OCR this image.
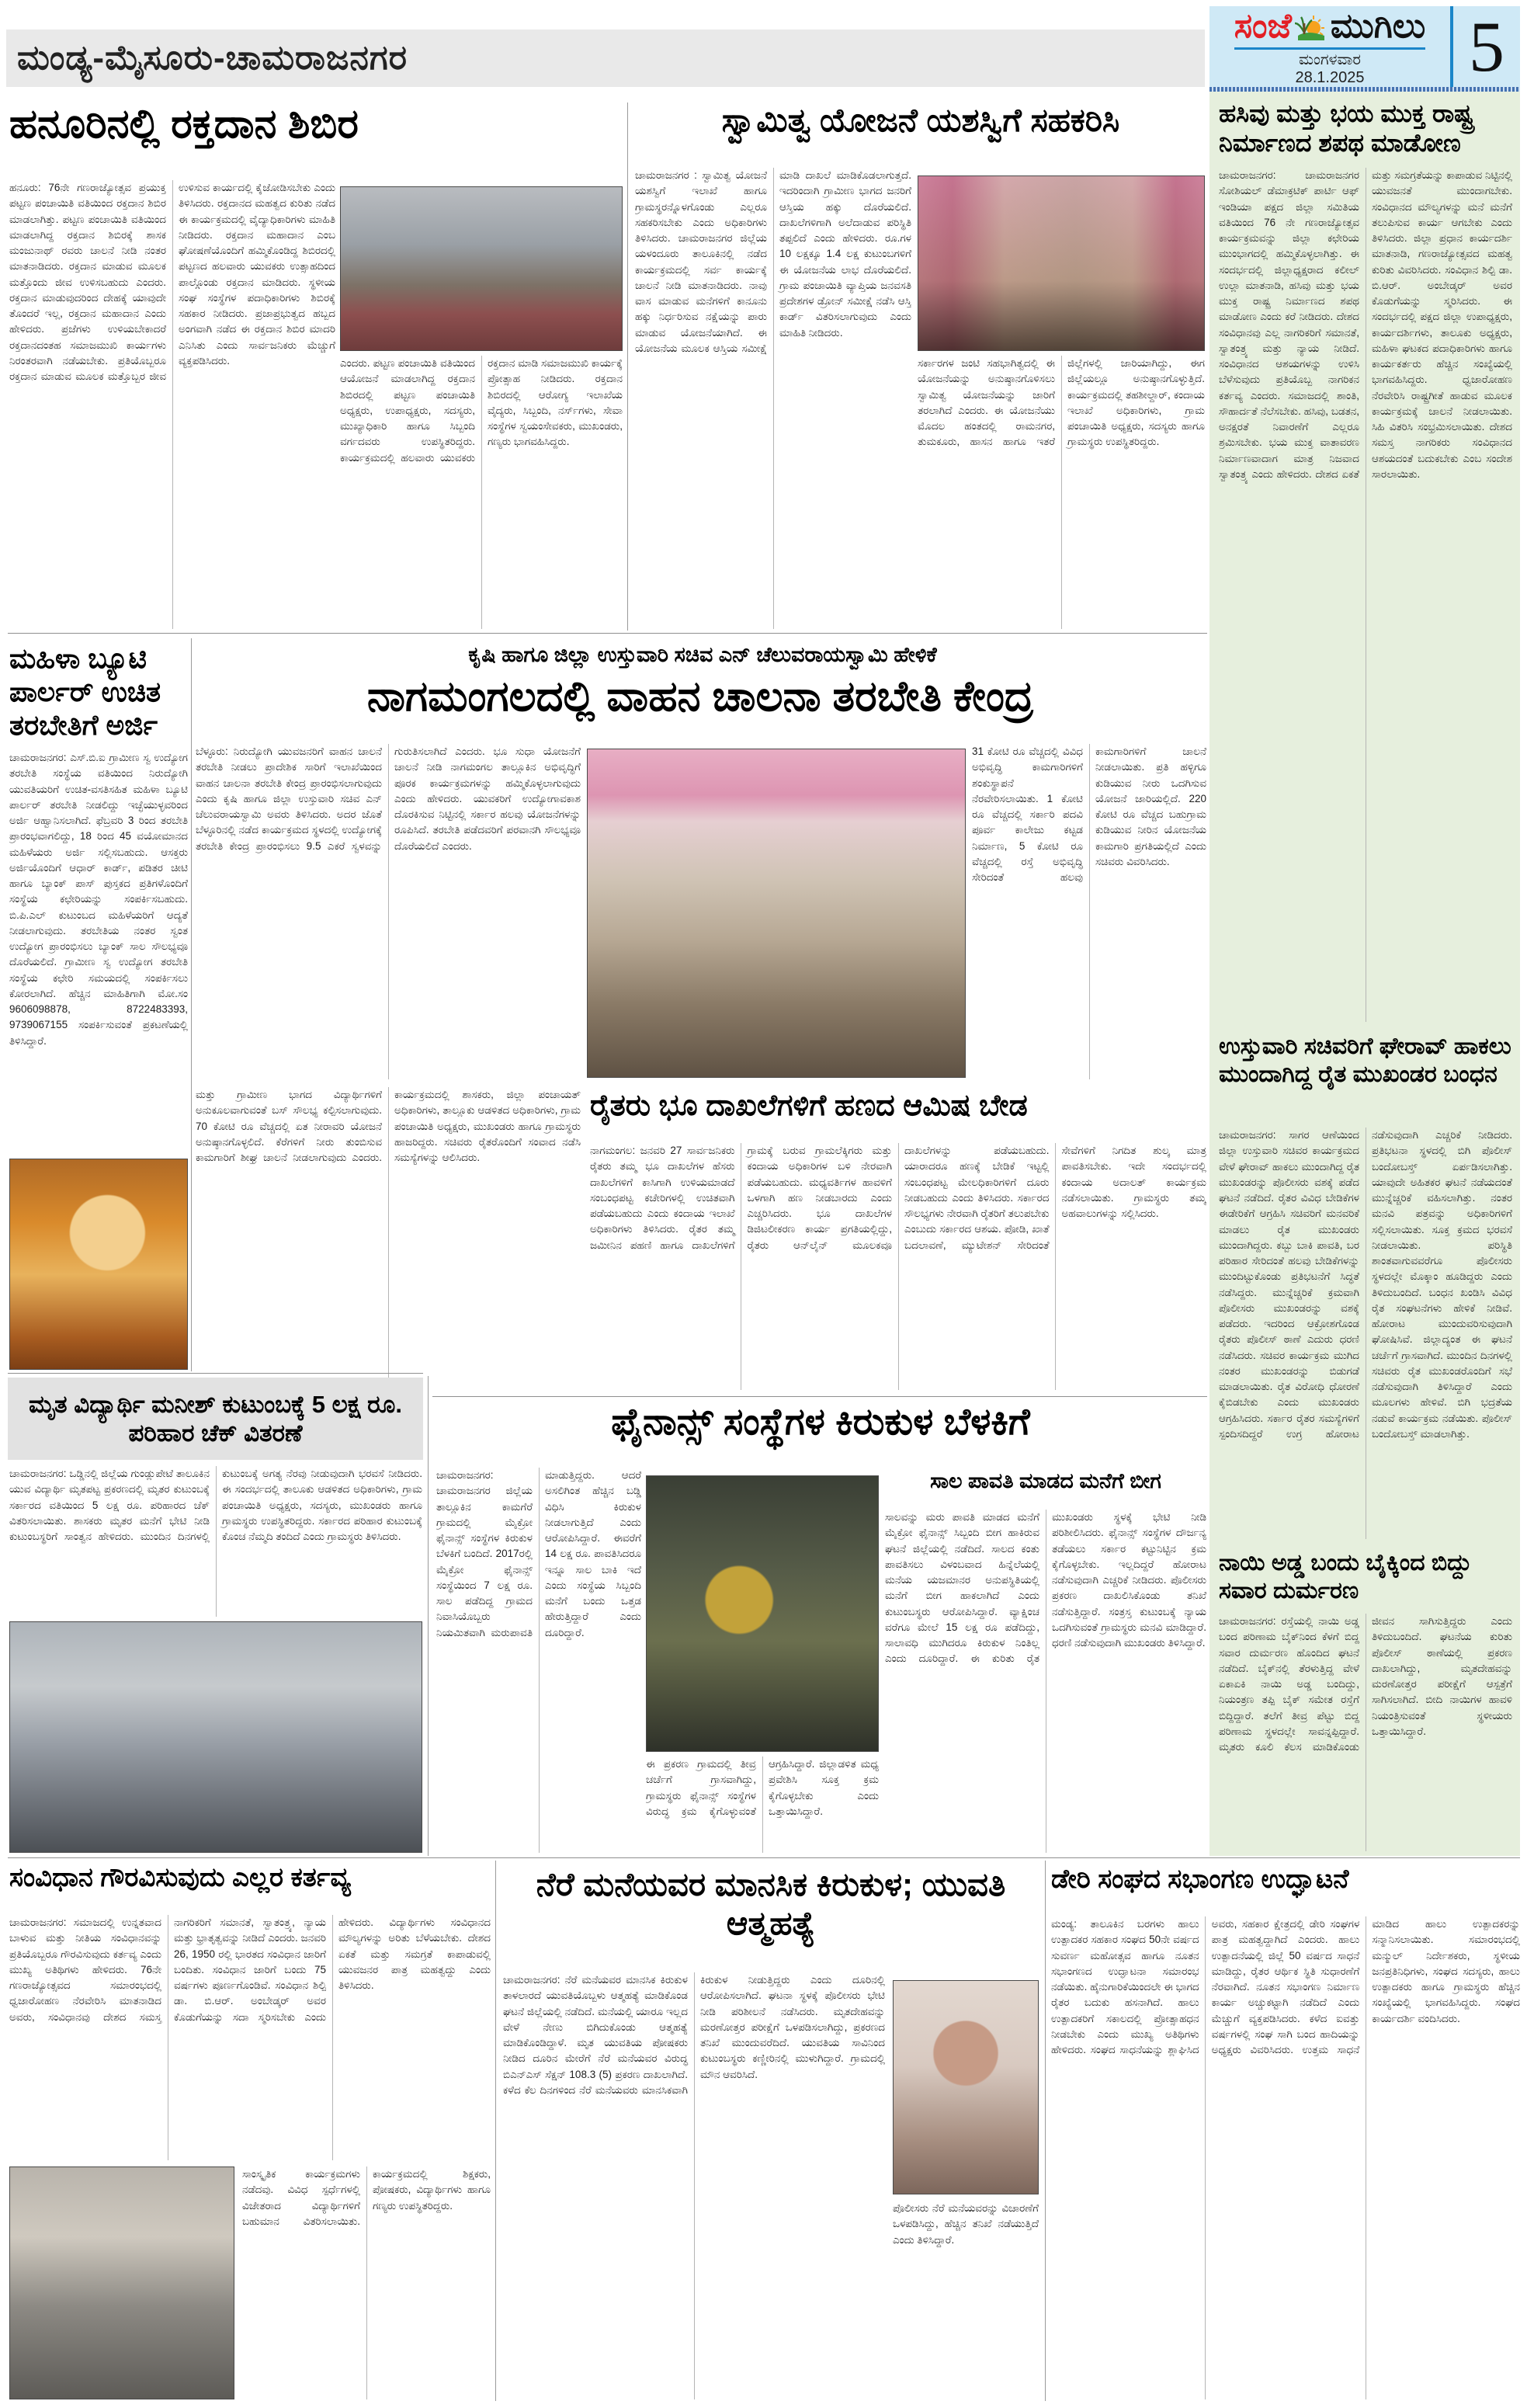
ಮಂಡ್ಯ-ಮೈಸೂರು-ಚಾಮರಾಜನಗರ
ಸಂಜೆ ಮುಗಿಲು
ಮಂಗಳವಾರ
28.1.2025 5
ಹನೂರಿನಲ್ಲಿ ರಕ್ತದಾನ ಶಿಬಿರ
ಹನೂರು: 76ನೇ ಗಣರಾಜ್ಯೋತ್ಸವ ಪ್ರಯುಕ್ತ ಪಟ್ಟಣ ಪಂಚಾಯಿತಿ ವತಿಯಿಂದ ರಕ್ತದಾನ ಶಿಬಿರ ಮಾಡಲಾಗಿತ್ತು. ಪಟ್ಟಣ ಪಂಚಾಯಿತಿ ವತಿಯಿಂದ ಮಾಡಲಾಗಿದ್ದ ರಕ್ತದಾನ ಶಿಬಿರಕ್ಕೆ ಶಾಸಕ ಮಂಜುನಾಥ್ ರವರು ಚಾಲನೆ ನೀಡಿ ನಂತರ ಮಾತನಾಡಿದರು. ರಕ್ತದಾನ ಮಾಡುವ ಮೂಲಕ ಮತ್ತೊಂದು ಜೀವ ಉಳಿಸಬಹುದು ಎಂದರು. ರಕ್ತದಾನ ಮಾಡುವುದರಿಂದ ದೇಹಕ್ಕೆ ಯಾವುದೇ ತೊಂದರೆ ಇಲ್ಲ, ರಕ್ತದಾನ ಮಹಾದಾನ ಎಂದು ಹೇಳಿದರು. ಪ್ರಜೆಗಳು ಉಳಿಯಬೇಕಾದರೆ ರಕ್ತದಾನದಂತಹ ಸಮಾಜಮುಖಿ ಕಾರ್ಯಗಳು ನಿರಂತರವಾಗಿ ನಡೆಯಬೇಕು. ಪ್ರತಿಯೊಬ್ಬರೂ ರಕ್ತದಾನ ಮಾಡುವ ಮೂಲಕ ಮತ್ತೊಬ್ಬರ ಜೀವ ಉಳಿಸುವ ಕಾರ್ಯದಲ್ಲಿ ಕೈಜೋಡಿಸಬೇಕು ಎಂದು ತಿಳಿಸಿದರು. ರಕ್ತದಾನದ ಮಹತ್ವದ ಕುರಿತು ನಡೆದ ಈ ಕಾರ್ಯಕ್ರಮದಲ್ಲಿ ವೈದ್ಯಾಧಿಕಾರಿಗಳು ಮಾಹಿತಿ ನೀಡಿದರು. ರಕ್ತದಾನ ಮಹಾದಾನ ಎಂಬ ಘೋಷಣೆಯೊಂದಿಗೆ ಹಮ್ಮಿಕೊಂಡಿದ್ದ ಶಿಬಿರದಲ್ಲಿ ಪಟ್ಟಣದ ಹಲವಾರು ಯುವಕರು ಉತ್ಸಾಹದಿಂದ ಪಾಲ್ಗೊಂಡು ರಕ್ತದಾನ ಮಾಡಿದರು. ಸ್ಥಳೀಯ ಸಂಘ ಸಂಸ್ಥೆಗಳ ಪದಾಧಿಕಾರಿಗಳು ಶಿಬಿರಕ್ಕೆ ಸಹಕಾರ ನೀಡಿದರು. ಪ್ರಜಾಪ್ರಭುತ್ವದ ಹಬ್ಬದ ಅಂಗವಾಗಿ ನಡೆದ ಈ ರಕ್ತದಾನ ಶಿಬಿರ ಮಾದರಿ ಎನಿಸಿತು ಎಂದು ಸಾರ್ವಜನಿಕರು ಮೆಚ್ಚುಗೆ ವ್ಯಕ್ತಪಡಿಸಿದರು.	ಎಂದರು. ಪಟ್ಟಣ ಪಂಚಾಯಿತಿ ವತಿಯಿಂದ ಆಯೋಜನೆ ಮಾಡಲಾಗಿದ್ದ ರಕ್ತದಾನ ಶಿಬಿರದಲ್ಲಿ ಪಟ್ಟಣ ಪಂಚಾಯಿತಿ ಅಧ್ಯಕ್ಷರು, ಉಪಾಧ್ಯಕ್ಷರು, ಸದಸ್ಯರು, ಮುಖ್ಯಾಧಿಕಾರಿ ಹಾಗೂ ಸಿಬ್ಬಂದಿ ವರ್ಗದವರು ಉಪಸ್ಥಿತರಿದ್ದರು. ಕಾರ್ಯಕ್ರಮದಲ್ಲಿ ಹಲವಾರು ಯುವಕರು ರಕ್ತದಾನ ಮಾಡಿ ಸಮಾಜಮುಖಿ ಕಾರ್ಯಕ್ಕೆ ಪ್ರೋತ್ಸಾಹ ನೀಡಿದರು. ರಕ್ತದಾನ ಶಿಬಿರದಲ್ಲಿ ಆರೋಗ್ಯ ಇಲಾಖೆಯ ವೈದ್ಯರು, ಸಿಬ್ಬಂದಿ, ನರ್ಸ್‌ಗಳು, ಸೇವಾ ಸಂಸ್ಥೆಗಳ ಸ್ವಯಂಸೇವಕರು, ಮುಖಂಡರು, ಗಣ್ಯರು ಭಾಗವಹಿಸಿದ್ದರು.
ಸ್ವಾಮಿತ್ವ ಯೋಜನೆ ಯಶಸ್ವಿಗೆ ಸಹಕರಿಸಿ
ಚಾಮರಾಜನಗರ : ಸ್ವಾಮಿತ್ವ ಯೋಜನೆ ಯಶಸ್ವಿಗೆ ಇಲಾಖೆ ಹಾಗೂ ಗ್ರಾಮಸ್ಥರನ್ನೊಳಗೊಂಡು ಎಲ್ಲರೂ ಸಹಕರಿಸಬೇಕು ಎಂದು ಅಧಿಕಾರಿಗಳು ತಿಳಿಸಿದರು. ಚಾಮರಾಜನಗರ ಜಿಲ್ಲೆಯ ಯಳಂದೂರು ತಾಲೂಕಿನಲ್ಲಿ ನಡೆದ ಕಾರ್ಯಕ್ರಮದಲ್ಲಿ ಸರ್ವ ಕಾರ್ಯಕ್ಕೆ ಚಾಲನೆ ನೀಡಿ ಮಾತನಾಡಿದರು. ನಾವು ವಾಸ ಮಾಡುವ ಮನೆಗಳಿಗೆ ಕಾನೂನು ಹಕ್ಕು ನಿರ್ಧರಿಸುವ ನಕ್ಷೆಯನ್ನು ಪಾರು ಮಾಡುವ ಯೋಜನೆಯಾಗಿದೆ. ಈ ಯೋಜನೆಯ ಮೂಲಕ ಆಸ್ತಿಯ ಸಮೀಕ್ಷೆ ಮಾಡಿ ದಾಖಲೆ ಮಾಡಿಕೊಡಲಾಗುತ್ತದೆ. ಇದರಿಂದಾಗಿ ಗ್ರಾಮೀಣ ಭಾಗದ ಜನರಿಗೆ ಆಸ್ತಿಯ ಹಕ್ಕು ದೊರೆಯಲಿದೆ. ದಾಖಲೆಗಳಿಗಾಗಿ ಅಲೆದಾಡುವ ಪರಿಸ್ಥಿತಿ ತಪ್ಪಲಿದೆ ಎಂದು ಹೇಳಿದರು. ರೂ.ಗಳ 10 ಲಕ್ಷಕ್ಕೂ 1.4 ಲಕ್ಷ ಕುಟುಂಬಗಳಿಗೆ ಈ ಯೋಜನೆಯ ಲಾಭ ದೊರೆಯಲಿದೆ. ಗ್ರಾಮ ಪಂಚಾಯಿತಿ ವ್ಯಾಪ್ತಿಯ ಜನವಸತಿ ಪ್ರದೇಶಗಳ ಡ್ರೋನ್ ಸಮೀಕ್ಷೆ ನಡೆಸಿ ಆಸ್ತಿ ಕಾರ್ಡ್ ವಿತರಿಸಲಾಗುವುದು ಎಂದು ಮಾಹಿತಿ ನೀಡಿದರು.
ಸರ್ಕಾರಗಳ ಜಂಟಿ ಸಹಭಾಗಿತ್ವದಲ್ಲಿ ಈ ಯೋಜನೆಯನ್ನು ಅನುಷ್ಠಾನಗೊಳಿಸಲು ಸ್ವಾಮಿತ್ವ ಯೋಜನೆಯನ್ನು ಜಾರಿಗೆ ತರಲಾಗಿದೆ ಎಂದರು. ಈ ಯೋಜನೆಯು ಮೊದಲ ಹಂತದಲ್ಲಿ ರಾಮನಗರ, ತುಮಕೂರು, ಹಾಸನ ಹಾಗೂ ಇತರೆ ಜಿಲ್ಲೆಗಳಲ್ಲಿ ಜಾರಿಯಾಗಿದ್ದು, ಈಗ ಜಿಲ್ಲೆಯಲ್ಲೂ ಅನುಷ್ಠಾನಗೊಳ್ಳುತ್ತಿದೆ. ಕಾರ್ಯಕ್ರಮದಲ್ಲಿ ತಹಶೀಲ್ದಾರ್, ಕಂದಾಯ ಇಲಾಖೆ ಅಧಿಕಾರಿಗಳು, ಗ್ರಾಮ ಪಂಚಾಯಿತಿ ಅಧ್ಯಕ್ಷರು, ಸದಸ್ಯರು ಹಾಗೂ ಗ್ರಾಮಸ್ಥರು ಉಪಸ್ಥಿತರಿದ್ದರು.
ಹಸಿವು ಮತ್ತು ಭಯ ಮುಕ್ತ ರಾಷ್ಟ್ರ ನಿರ್ಮಾಣದ ಶಪಥ ಮಾಡೋಣ
ಚಾಮರಾಜನಗರ: ಚಾಮರಾಜನಗರ ಸೋಶಿಯಲ್ ಡೆಮಾಕ್ರಟಿಕ್ ಪಾರ್ಟಿ ಆಫ್ ಇಂಡಿಯಾ ಪಕ್ಷದ ಜಿಲ್ಲಾ ಸಮಿತಿಯ ವತಿಯಿಂದ 76 ನೇ ಗಣರಾಜ್ಯೋತ್ಸವ ಕಾರ್ಯಕ್ರಮವನ್ನು ಜಿಲ್ಲಾ ಕಛೇರಿಯ ಮುಂಭಾಗದಲ್ಲಿ ಹಮ್ಮಿಕೊಳ್ಳಲಾಗಿತ್ತು. ಈ ಸಂದರ್ಭದಲ್ಲಿ ಜಿಲ್ಲಾಧ್ಯಕ್ಷರಾದ ಕಲೀಲ್ ಉಲ್ಲಾ ಮಾತನಾಡಿ, ಹಸಿವು ಮತ್ತು ಭಯ ಮುಕ್ತ ರಾಷ್ಟ್ರ ನಿರ್ಮಾಣದ ಶಪಥ ಮಾಡೋಣ ಎಂದು ಕರೆ ನೀಡಿದರು. ದೇಶದ ಸಂವಿಧಾನವು ಎಲ್ಲ ನಾಗರಿಕರಿಗೆ ಸಮಾನತೆ, ಸ್ವಾತಂತ್ರ್ಯ ಮತ್ತು ನ್ಯಾಯ ನೀಡಿದೆ. ಸಂವಿಧಾನದ ಆಶಯಗಳನ್ನು ಉಳಿಸಿ ಬೆಳೆಸುವುದು ಪ್ರತಿಯೊಬ್ಬ ನಾಗರಿಕನ ಕರ್ತವ್ಯ ಎಂದರು. ಸಮಾಜದಲ್ಲಿ ಶಾಂತಿ, ಸೌಹಾರ್ದತೆ ನೆಲೆಸಬೇಕು. ಹಸಿವು, ಬಡತನ, ಅನಕ್ಷರತೆ ನಿವಾರಣೆಗೆ ಎಲ್ಲರೂ ಶ್ರಮಿಸಬೇಕು. ಭಯ ಮುಕ್ತ ವಾತಾವರಣ ನಿರ್ಮಾಣವಾದಾಗ ಮಾತ್ರ ನಿಜವಾದ ಸ್ವಾತಂತ್ರ್ಯ ಎಂದು ಹೇಳಿದರು. ದೇಶದ ಏಕತೆ ಮತ್ತು ಸಮಗ್ರತೆಯನ್ನು ಕಾಪಾಡುವ ನಿಟ್ಟಿನಲ್ಲಿ ಯುವಜನತೆ ಮುಂದಾಗಬೇಕು. ಸಂವಿಧಾನದ ಮೌಲ್ಯಗಳನ್ನು ಮನೆ ಮನೆಗೆ ತಲುಪಿಸುವ ಕಾರ್ಯ ಆಗಬೇಕು ಎಂದು ತಿಳಿಸಿದರು. ಜಿಲ್ಲಾ ಪ್ರಧಾನ ಕಾರ್ಯದರ್ಶಿ ಮಾತನಾಡಿ, ಗಣರಾಜ್ಯೋತ್ಸವದ ಮಹತ್ವ ಕುರಿತು ವಿವರಿಸಿದರು. ಸಂವಿಧಾನ ಶಿಲ್ಪಿ ಡಾ. ಬಿ.ಆರ್. ಅಂಬೇಡ್ಕರ್ ಅವರ ಕೊಡುಗೆಯನ್ನು ಸ್ಮರಿಸಿದರು. ಈ ಸಂದರ್ಭದಲ್ಲಿ ಪಕ್ಷದ ಜಿಲ್ಲಾ ಉಪಾಧ್ಯಕ್ಷರು, ಕಾರ್ಯದರ್ಶಿಗಳು, ತಾಲೂಕು ಅಧ್ಯಕ್ಷರು, ಮಹಿಳಾ ಘಟಕದ ಪದಾಧಿಕಾರಿಗಳು ಹಾಗೂ ಕಾರ್ಯಕರ್ತರು ಹೆಚ್ಚಿನ ಸಂಖ್ಯೆಯಲ್ಲಿ ಭಾಗವಹಿಸಿದ್ದರು. ಧ್ವಜಾರೋಹಣ ನೆರವೇರಿಸಿ ರಾಷ್ಟ್ರಗೀತೆ ಹಾಡುವ ಮೂಲಕ ಕಾರ್ಯಕ್ರಮಕ್ಕೆ ಚಾಲನೆ ನೀಡಲಾಯಿತು. ಸಿಹಿ ವಿತರಿಸಿ ಸಂಭ್ರಮಿಸಲಾಯಿತು. ದೇಶದ ಸಮಸ್ತ ನಾಗರಿಕರು ಸಂವಿಧಾನದ ಆಶಯದಂತೆ ಬದುಕಬೇಕು ಎಂಬ ಸಂದೇಶ ಸಾರಲಾಯಿತು.
ಉಸ್ತುವಾರಿ ಸಚಿವರಿಗೆ ಘೇರಾವ್ ಹಾಕಲು ಮುಂದಾಗಿದ್ದ ರೈತ ಮುಖಂಡರ ಬಂಧನ
ಚಾಮರಾಜನಗರ: ಸಾಗರ ಆಣೆಯಿಂದ ಜಿಲ್ಲಾ ಉಸ್ತುವಾರಿ ಸಚಿವರ ಕಾರ್ಯಕ್ರಮದ ವೇಳೆ ಘೇರಾವ್ ಹಾಕಲು ಮುಂದಾಗಿದ್ದ ರೈತ ಮುಖಂಡರನ್ನು ಪೊಲೀಸರು ವಶಕ್ಕೆ ಪಡೆದ ಘಟನೆ ನಡೆದಿದೆ. ರೈತರ ವಿವಿಧ ಬೇಡಿಕೆಗಳ ಈಡೇರಿಕೆಗೆ ಆಗ್ರಹಿಸಿ ಸಚಿವರಿಗೆ ಮನವರಿಕೆ ಮಾಡಲು ರೈತ ಮುಖಂಡರು ಮುಂದಾಗಿದ್ದರು. ಕಬ್ಬು ಬಾಕಿ ಪಾವತಿ, ಬರ ಪರಿಹಾರ ಸೇರಿದಂತೆ ಹಲವು ಬೇಡಿಕೆಗಳನ್ನು ಮುಂದಿಟ್ಟುಕೊಂಡು ಪ್ರತಿಭಟನೆಗೆ ಸಿದ್ಧತೆ ನಡೆಸಿದ್ದರು. ಮುನ್ನೆಚ್ಚರಿಕೆ ಕ್ರಮವಾಗಿ ಪೊಲೀಸರು ಮುಖಂಡರನ್ನು ವಶಕ್ಕೆ ಪಡೆದರು. ಇದರಿಂದ ಆಕ್ರೋಶಗೊಂಡ ರೈತರು ಪೊಲೀಸ್ ಠಾಣೆ ಎದುರು ಧರಣಿ ನಡೆಸಿದರು. ಸಚಿವರ ಕಾರ್ಯಕ್ರಮ ಮುಗಿದ ನಂತರ ಮುಖಂಡರನ್ನು ಬಿಡುಗಡೆ ಮಾಡಲಾಯಿತು. ರೈತ ವಿರೋಧಿ ಧೋರಣೆ ಕೈಬಿಡಬೇಕು ಎಂದು ಮುಖಂಡರು ಆಗ್ರಹಿಸಿದರು. ಸರ್ಕಾರ ರೈತರ ಸಮಸ್ಯೆಗಳಿಗೆ ಸ್ಪಂದಿಸದಿದ್ದರೆ ಉಗ್ರ ಹೋರಾಟ ನಡೆಸುವುದಾಗಿ ಎಚ್ಚರಿಕೆ ನೀಡಿದರು. ಪ್ರತಿಭಟನಾ ಸ್ಥಳದಲ್ಲಿ ಬಿಗಿ ಪೊಲೀಸ್ ಬಂದೋಬಸ್ತ್ ಏರ್ಪಡಿಸಲಾಗಿತ್ತು. ಯಾವುದೇ ಅಹಿತಕರ ಘಟನೆ ನಡೆಯದಂತೆ ಮುನ್ನೆಚ್ಚರಿಕೆ ವಹಿಸಲಾಗಿತ್ತು. ನಂತರ ಮನವಿ ಪತ್ರವನ್ನು ಅಧಿಕಾರಿಗಳಿಗೆ ಸಲ್ಲಿಸಲಾಯಿತು. ಸೂಕ್ತ ಕ್ರಮದ ಭರವಸೆ ನೀಡಲಾಯಿತು. ಪರಿಸ್ಥಿತಿ ಶಾಂತವಾಗುವವರೆಗೂ ಪೊಲೀಸರು ಸ್ಥಳದಲ್ಲೇ ಮೊಕ್ಕಾಂ ಹೂಡಿದ್ದರು ಎಂದು ತಿಳಿದುಬಂದಿದೆ. ಬಂಧನ ಖಂಡಿಸಿ ವಿವಿಧ ರೈತ ಸಂಘಟನೆಗಳು ಹೇಳಿಕೆ ನೀಡಿವೆ. ಹೋರಾಟ ಮುಂದುವರಿಸುವುದಾಗಿ ಘೋಷಿಸಿವೆ. ಜಿಲ್ಲಾದ್ಯಂತ ಈ ಘಟನೆ ಚರ್ಚೆಗೆ ಗ್ರಾಸವಾಗಿದೆ. ಮುಂದಿನ ದಿನಗಳಲ್ಲಿ ಸಚಿವರು ರೈತ ಮುಖಂಡರೊಂದಿಗೆ ಸಭೆ ನಡೆಸುವುದಾಗಿ ತಿಳಿಸಿದ್ದಾರೆ ಎಂದು ಮೂಲಗಳು ಹೇಳಿವೆ. ಬಿಗಿ ಭದ್ರತೆಯ ನಡುವೆ ಕಾರ್ಯಕ್ರಮ ನಡೆಯಿತು. ಪೊಲೀಸ್ ಬಂದೋಬಸ್ತ್ ಮಾಡಲಾಗಿತ್ತು.
ನಾಯಿ ಅಡ್ಡ ಬಂದು ಬೈಕ್ಕಿಂದ ಬಿದ್ದು ಸವಾರ ದುರ್ಮರಣ
ಚಾಮರಾಜನಗರ: ರಸ್ತೆಯಲ್ಲಿ ನಾಯಿ ಅಡ್ಡ ಬಂದ ಪರಿಣಾಮ ಬೈಕ್‌ನಿಂದ ಕೆಳಗೆ ಬಿದ್ದ ಸವಾರ ದುರ್ಮರಣ ಹೊಂದಿದ ಘಟನೆ ನಡೆದಿದೆ. ಬೈಕ್‌ನಲ್ಲಿ ತೆರಳುತ್ತಿದ್ದ ವೇಳೆ ಏಕಾಏಕಿ ನಾಯಿ ಅಡ್ಡ ಬಂದಿದ್ದು, ನಿಯಂತ್ರಣ ತಪ್ಪಿ ಬೈಕ್ ಸಮೇತ ರಸ್ತೆಗೆ ಬಿದ್ದಿದ್ದಾರೆ. ತಲೆಗೆ ತೀವ್ರ ಪೆಟ್ಟು ಬಿದ್ದ ಪರಿಣಾಮ ಸ್ಥಳದಲ್ಲೇ ಸಾವನ್ನಪ್ಪಿದ್ದಾರೆ. ಮೃತರು ಕೂಲಿ ಕೆಲಸ ಮಾಡಿಕೊಂಡು ಜೀವನ ಸಾಗಿಸುತ್ತಿದ್ದರು ಎಂದು ತಿಳಿದುಬಂದಿದೆ. ಘಟನೆಯ ಕುರಿತು ಪೊಲೀಸ್ ಠಾಣೆಯಲ್ಲಿ ಪ್ರಕರಣ ದಾಖಲಾಗಿದ್ದು, ಮೃತದೇಹವನ್ನು ಮರಣೋತ್ತರ ಪರೀಕ್ಷೆಗೆ ಆಸ್ಪತ್ರೆಗೆ ಸಾಗಿಸಲಾಗಿದೆ. ಬೀದಿ ನಾಯಿಗಳ ಹಾವಳಿ ನಿಯಂತ್ರಿಸುವಂತೆ ಸ್ಥಳೀಯರು ಒತ್ತಾಯಿಸಿದ್ದಾರೆ.
ಮಹಿಳಾ ಬ್ಯೂಟಿ ಪಾರ್ಲರ್ ಉಚಿತ ತರಬೇತಿಗೆ ಅರ್ಜಿ
ಚಾಮರಾಜನಗರ: ಎಸ್.ಬಿ.ಐ ಗ್ರಾಮೀಣ ಸ್ವ ಉದ್ಯೋಗ ತರಬೇತಿ ಸಂಸ್ಥೆಯ ವತಿಯಿಂದ ನಿರುದ್ಯೋಗಿ ಯುವತಿಯರಿಗೆ ಉಚಿತ-ವಸತಿಸಹಿತ ಮಹಿಳಾ ಬ್ಯೂಟಿ ಪಾರ್ಲರ್ ತರಬೇತಿ ನೀಡಲಿದ್ದು ಇಚ್ಛೆಯುಳ್ಳವರಿಂದ ಅರ್ಜಿ ಆಹ್ವಾನಿಸಲಾಗಿದೆ. ಫೆಬ್ರವರಿ 3 ರಿಂದ ತರಬೇತಿ ಪ್ರಾರಂಭವಾಗಲಿದ್ದು, 18 ರಿಂದ 45 ವಯೋಮಾನದ ಮಹಿಳೆಯರು ಅರ್ಜಿ ಸಲ್ಲಿಸಬಹುದು. ಆಸಕ್ತರು ಅರ್ಜಿಯೊಂದಿಗೆ ಆಧಾರ್ ಕಾರ್ಡ್, ಪಡಿತರ ಚೀಟಿ ಹಾಗೂ ಬ್ಯಾಂಕ್ ಪಾಸ್ ಪುಸ್ತಕದ ಪ್ರತಿಗಳೊಂದಿಗೆ ಸಂಸ್ಥೆಯ ಕಛೇರಿಯನ್ನು ಸಂಪರ್ಕಿಸಬಹುದು. ಬಿ.ಪಿ.ಎಲ್ ಕುಟುಂಬದ ಮಹಿಳೆಯರಿಗೆ ಆದ್ಯತೆ ನೀಡಲಾಗುವುದು. ತರಬೇತಿಯ ನಂತರ ಸ್ವಂತ ಉದ್ಯೋಗ ಪ್ರಾರಂಭಿಸಲು ಬ್ಯಾಂಕ್ ಸಾಲ ಸೌಲಭ್ಯವೂ ದೊರೆಯಲಿದೆ. ಗ್ರಾಮೀಣ ಸ್ವ ಉದ್ಯೋಗ ತರಬೇತಿ ಸಂಸ್ಥೆಯ ಕಛೇರಿ ಸಮಯದಲ್ಲಿ ಸಂಪರ್ಕಿಸಲು ಕೋರಲಾಗಿದೆ. ಹೆಚ್ಚಿನ ಮಾಹಿತಿಗಾಗಿ ಮೋ.ಸಂ 9606098878, 8722483393, 9739067155 ಸಂಪರ್ಕಿಸುವಂತೆ ಪ್ರಕಟಣೆಯಲ್ಲಿ ತಿಳಿಸಿದ್ದಾರೆ.
ಕೃಷಿ ಹಾಗೂ ಜಿಲ್ಲಾ ಉಸ್ತುವಾರಿ ಸಚಿವ ಎನ್ ಚೆಲುವರಾಯಸ್ವಾಮಿ ಹೇಳಿಕೆ
ನಾಗಮಂಗಲದಲ್ಲಿ ವಾಹನ ಚಾಲನಾ ತರಬೇತಿ ಕೇಂದ್ರ
ಬೆಳ್ಳೂರು: ನಿರುದ್ಯೋಗಿ ಯುವಜನರಿಗೆ ವಾಹನ ಚಾಲನೆ ತರಬೇತಿ ನೀಡಲು ಪ್ರಾದೇಶಿಕ ಸಾರಿಗೆ ಇಲಾಖೆಯಿಂದ ವಾಹನ ಚಾಲನಾ ತರಬೇತಿ ಕೇಂದ್ರ ಪ್ರಾರಂಭಿಸಲಾಗುವುದು ಎಂದು ಕೃಷಿ ಹಾಗೂ ಜಿಲ್ಲಾ ಉಸ್ತುವಾರಿ ಸಚಿವ ಎನ್ ಚೆಲುವರಾಯಸ್ವಾಮಿ ಅವರು ತಿಳಿಸಿದರು. ಅದರ ಜೊತೆ ಬೆಳ್ಳೂರಿನಲ್ಲಿ ನಡೆದ ಕಾರ್ಯಕ್ರಮದ ಸ್ಥಳದಲ್ಲಿ ಉದ್ಯೋಗಕ್ಕೆ ತರಬೇತಿ ಕೇಂದ್ರ ಪ್ರಾರಂಭಿಸಲು 9.5 ಎಕರೆ ಸ್ವಳವನ್ನು ಗುರುತಿಸಲಾಗಿದೆ ಎಂದರು. ಭೂ ಸುಧಾ ಯೋಜನೆಗೆ ಚಾಲನೆ ನೀಡಿ ನಾಗಮಂಗಲ ತಾಲ್ಲೂಕಿನ ಅಭಿವೃದ್ಧಿಗೆ ಪೂರಕ ಕಾರ್ಯಕ್ರಮಗಳನ್ನು ಹಮ್ಮಿಕೊಳ್ಳಲಾಗುವುದು ಎಂದು ಹೇಳಿದರು. ಯುವಕರಿಗೆ ಉದ್ಯೋಗಾವಕಾಶ ದೊರಕಿಸುವ ನಿಟ್ಟಿನಲ್ಲಿ ಸರ್ಕಾರ ಹಲವು ಯೋಜನೆಗಳನ್ನು ರೂಪಿಸಿದೆ. ತರಬೇತಿ ಪಡೆದವರಿಗೆ ಪರವಾನಗಿ ಸೌಲಭ್ಯವೂ ದೊರೆಯಲಿದೆ ಎಂದರು.
31 ಕೋಟಿ ರೂ ವೆಚ್ಚದಲ್ಲಿ ವಿವಿಧ ಅಭಿವೃದ್ಧಿ ಕಾಮಗಾರಿಗಳಿಗೆ ಶಂಕುಸ್ಥಾಪನೆ ನೆರವೇರಿಸಲಾಯಿತು. 1 ಕೋಟಿ ರೂ ವೆಚ್ಚದಲ್ಲಿ ಸರ್ಕಾರಿ ಪದವಿ ಪೂರ್ವ ಕಾಲೇಜು ಕಟ್ಟಡ ನಿರ್ಮಾಣ, 5 ಕೋಟಿ ರೂ ವೆಚ್ಚದಲ್ಲಿ ರಸ್ತೆ ಅಭಿವೃದ್ಧಿ ಸೇರಿದಂತೆ ಹಲವು ಕಾಮಗಾರಿಗಳಿಗೆ ಚಾಲನೆ ನೀಡಲಾಯಿತು. ಪ್ರತಿ ಹಳ್ಳಿಗೂ ಕುಡಿಯುವ ನೀರು ಒದಗಿಸುವ ಯೋಜನೆ ಜಾರಿಯಲ್ಲಿದೆ. 220 ಕೋಟಿ ರೂ ವೆಚ್ಚದ ಬಹುಗ್ರಾಮ ಕುಡಿಯುವ ನೀರಿನ ಯೋಜನೆಯ ಕಾಮಗಾರಿ ಪ್ರಗತಿಯಲ್ಲಿದೆ ಎಂದು ಸಚಿವರು ವಿವರಿಸಿದರು.
ಮತ್ತು ಗ್ರಾಮೀಣ ಭಾಗದ ವಿದ್ಯಾರ್ಥಿಗಳಿಗೆ ಅನುಕೂಲವಾಗುವಂತೆ ಬಸ್ ಸೌಲಭ್ಯ ಕಲ್ಪಿಸಲಾಗುವುದು. 70 ಕೋಟಿ ರೂ ವೆಚ್ಚದಲ್ಲಿ ಏತ ನೀರಾವರಿ ಯೋಜನೆ ಅನುಷ್ಠಾನಗೊಳ್ಳಲಿದೆ. ಕೆರೆಗಳಿಗೆ ನೀರು ತುಂಬಿಸುವ ಕಾಮಗಾರಿಗೆ ಶೀಘ್ರ ಚಾಲನೆ ನೀಡಲಾಗುವುದು ಎಂದರು. ಕಾರ್ಯಕ್ರಮದಲ್ಲಿ ಶಾಸಕರು, ಜಿಲ್ಲಾ ಪಂಚಾಯತ್ ಅಧಿಕಾರಿಗಳು, ತಾಲ್ಲೂಕು ಆಡಳಿತದ ಅಧಿಕಾರಿಗಳು, ಗ್ರಾಮ ಪಂಚಾಯಿತಿ ಅಧ್ಯಕ್ಷರು, ಮುಖಂಡರು ಹಾಗೂ ಗ್ರಾಮಸ್ಥರು ಹಾಜರಿದ್ದರು. ಸಚಿವರು ರೈತರೊಂದಿಗೆ ಸಂವಾದ ನಡೆಸಿ ಸಮಸ್ಯೆಗಳನ್ನು ಆಲಿಸಿದರು.
ರೈತರು ಭೂ ದಾಖಲೆಗಳಿಗೆ ಹಣದ ಆಮಿಷ ಬೇಡ
ನಾಗಮಂಗಲ: ಜನವರಿ 27 ಸಾರ್ವಜನಿಕರು ರೈತರು ತಮ್ಮ ಭೂ ದಾಖಲೆಗಳ ಹೆಸರು ದಾಖಲೆಗಳಿಗೆ ಕಾಸಿಗಾಗಿ ಉಳಿಯಮಾಡದೆ ಸಂಬಂಧಪಟ್ಟ ಕಚೇರಿಗಳಲ್ಲಿ ಉಚಿತವಾಗಿ ಪಡೆಯಬಹುದು ಎಂದು ಕಂದಾಯ ಇಲಾಖೆ ಅಧಿಕಾರಿಗಳು ತಿಳಿಸಿದರು. ರೈತರ ತಮ್ಮ ಜಮೀನಿನ ಪಹಣಿ ಹಾಗೂ ದಾಖಲೆಗಳಿಗೆ ಗ್ರಾಮಕ್ಕೆ ಬರುವ ಗ್ರಾಮಲೆಕ್ಕಿಗರು ಮತ್ತು ಕಂದಾಯ ಅಧಿಕಾರಿಗಳ ಬಳಿ ನೇರವಾಗಿ ಪಡೆಯಬಹುದು. ಮಧ್ಯವರ್ತಿಗಳ ಹಾವಳಿಗೆ ಒಳಗಾಗಿ ಹಣ ನೀಡಬಾರದು ಎಂದು ಎಚ್ಚರಿಸಿದರು. ಭೂ ದಾಖಲೆಗಳ ಡಿಜಿಟಲೀಕರಣ ಕಾರ್ಯ ಪ್ರಗತಿಯಲ್ಲಿದ್ದು, ರೈತರು ಆನ್‌ಲೈನ್ ಮೂಲಕವೂ ದಾಖಲೆಗಳನ್ನು ಪಡೆಯಬಹುದು. ಯಾರಾದರೂ ಹಣಕ್ಕೆ ಬೇಡಿಕೆ ಇಟ್ಟಲ್ಲಿ ಸಂಬಂಧಪಟ್ಟ ಮೇಲಧಿಕಾರಿಗಳಿಗೆ ದೂರು ನೀಡಬಹುದು ಎಂದು ತಿಳಿಸಿದರು. ಸರ್ಕಾರದ ಸೌಲಭ್ಯಗಳು ನೇರವಾಗಿ ರೈತರಿಗೆ ತಲುಪಬೇಕು ಎಂಬುದು ಸರ್ಕಾರದ ಆಶಯ. ಪೋಡಿ, ಖಾತೆ ಬದಲಾವಣೆ, ಮ್ಯುಟೇಶನ್ ಸೇರಿದಂತೆ ಸೇವೆಗಳಿಗೆ ನಿಗದಿತ ಶುಲ್ಕ ಮಾತ್ರ ಪಾವತಿಸಬೇಕು. ಇದೇ ಸಂದರ್ಭದಲ್ಲಿ ಕಂದಾಯ ಅದಾಲತ್ ಕಾರ್ಯಕ್ರಮ ನಡೆಸಲಾಯಿತು. ಗ್ರಾಮಸ್ಥರು ತಮ್ಮ ಅಹವಾಲುಗಳನ್ನು ಸಲ್ಲಿಸಿದರು.
ಮೃತ ವಿದ್ಯಾರ್ಥಿ ಮನೀಶ್ ಕುಟುಂಬಕ್ಕೆ 5 ಲಕ್ಷ ರೂ. ಪರಿಹಾರ ಚೆಕ್ ವಿತರಣೆ
ಚಾಮರಾಜನಗರ: ಒಡ್ಡಿನಲ್ಲಿ ಜಿಲ್ಲೆಯ ಗುಂಡ್ಲುಪೇಟೆ ತಾಲೂಕಿನ ಯುವ ವಿದ್ಯಾರ್ಥಿ ಮೃತಪಟ್ಟ ಪ್ರಕರಣದಲ್ಲಿ ಮೃತರ ಕುಟುಂಬಕ್ಕೆ ಸರ್ಕಾರದ ವತಿಯಿಂದ 5 ಲಕ್ಷ ರೂ. ಪರಿಹಾರದ ಚೆಕ್ ವಿತರಿಸಲಾಯಿತು. ಶಾಸಕರು ಮೃತರ ಮನೆಗೆ ಭೇಟಿ ನೀಡಿ ಕುಟುಂಬಸ್ಥರಿಗೆ ಸಾಂತ್ವನ ಹೇಳಿದರು. ಮುಂದಿನ ದಿನಗಳಲ್ಲಿ ಕುಟುಂಬಕ್ಕೆ ಅಗತ್ಯ ನೆರವು ನೀಡುವುದಾಗಿ ಭರವಸೆ ನೀಡಿದರು. ಈ ಸಂದರ್ಭದಲ್ಲಿ ತಾಲೂಕು ಆಡಳಿತದ ಅಧಿಕಾರಿಗಳು, ಗ್ರಾಮ ಪಂಚಾಯಿತಿ ಅಧ್ಯಕ್ಷರು, ಸದಸ್ಯರು, ಮುಖಂಡರು ಹಾಗೂ ಗ್ರಾಮಸ್ಥರು ಉಪಸ್ಥಿತರಿದ್ದರು. ಸರ್ಕಾರದ ಪರಿಹಾರ ಕುಟುಂಬಕ್ಕೆ ಕೊಂಚ ನೆಮ್ಮದಿ ತಂದಿದೆ ಎಂದು ಗ್ರಾಮಸ್ಥರು ತಿಳಿಸಿದರು.
ಫೈನಾನ್ಸ್ ಸಂಸ್ಥೆಗಳ ಕಿರುಕುಳ ಬೆಳಕಿಗೆ
ಚಾಮರಾಜನಗರ: ಚಾಮರಾಜನಗರ ಜಿಲ್ಲೆಯ ತಾಲ್ಲೂಕಿನ ಕಾಮಗೆರೆ ಗ್ರಾಮದಲ್ಲಿ ಮೈಕ್ರೋ ಫೈನಾನ್ಸ್ ಸಂಸ್ಥೆಗಳ ಕಿರುಕುಳ ಬೆಳಕಿಗೆ ಬಂದಿದೆ. 2017ರಲ್ಲಿ ಮೈಕ್ರೋ ಫೈನಾನ್ಸ್ ಸಂಸ್ಥೆಯಿಂದ 7 ಲಕ್ಷ ರೂ. ಸಾಲ ಪಡೆದಿದ್ದ ಗ್ರಾಮದ ನಿವಾಸಿಯೊಬ್ಬರು ನಿಯಮಿತವಾಗಿ ಮರುಪಾವತಿ ಮಾಡುತ್ತಿದ್ದರು. ಆದರೆ ಅಸಲಿಗಿಂತ ಹೆಚ್ಚಿನ ಬಡ್ಡಿ ವಿಧಿಸಿ ಕಿರುಕುಳ ನೀಡಲಾಗುತ್ತಿದೆ ಎಂದು ಆರೋಪಿಸಿದ್ದಾರೆ. ಈವರೆಗೆ 14 ಲಕ್ಷ ರೂ. ಪಾವತಿಸಿದರೂ ಇನ್ನೂ ಸಾಲ ಬಾಕಿ ಇದೆ ಎಂದು ಸಂಸ್ಥೆಯ ಸಿಬ್ಬಂದಿ ಮನೆಗೆ ಬಂದು ಒತ್ತಡ ಹೇರುತ್ತಿದ್ದಾರೆ ಎಂದು ದೂರಿದ್ದಾರೆ.
ಈ ಪ್ರಕರಣ ಗ್ರಾಮದಲ್ಲಿ ತೀವ್ರ ಚರ್ಚೆಗೆ ಗ್ರಾಸವಾಗಿದ್ದು, ಗ್ರಾಮಸ್ಥರು ಫೈನಾನ್ಸ್ ಸಂಸ್ಥೆಗಳ ವಿರುದ್ಧ ಕ್ರಮ ಕೈಗೊಳ್ಳುವಂತೆ ಆಗ್ರಹಿಸಿದ್ದಾರೆ. ಜಿಲ್ಲಾಡಳಿತ ಮಧ್ಯ ಪ್ರವೇಶಿಸಿ ಸೂಕ್ತ ಕ್ರಮ ಕೈಗೊಳ್ಳಬೇಕು ಎಂದು ಒತ್ತಾಯಿಸಿದ್ದಾರೆ.
ಸಾಲ ಪಾವತಿ ಮಾಡದ ಮನೆಗೆ ಬೀಗ
ಸಾಲವನ್ನು ಮರು ಪಾವತಿ ಮಾಡದ ಮನೆಗೆ ಮೈಕ್ರೋ ಫೈನಾನ್ಸ್ ಸಿಬ್ಬಂದಿ ಬೀಗ ಹಾಕಿರುವ ಘಟನೆ ಜಿಲ್ಲೆಯಲ್ಲಿ ನಡೆದಿದೆ. ಸಾಲದ ಕಂತು ಪಾವತಿಸಲು ವಿಳಂಬವಾದ ಹಿನ್ನೆಲೆಯಲ್ಲಿ ಮನೆಯ ಯಜಮಾನರ ಅನುಪಸ್ಥಿತಿಯಲ್ಲಿ ಮನೆಗೆ ಬೀಗ ಹಾಕಲಾಗಿದೆ ಎಂದು ಕುಟುಂಬಸ್ಥರು ಆರೋಪಿಸಿದ್ದಾರೆ. ವ್ಯಾಕ್ಷಿಂಚ ವರೆಗೂ ಮೇಲೆ 15 ಲಕ್ಷ ರೂ ಪಡೆದಿದ್ದು, ಸಾಲಾವಧಿ ಮುಗಿದರೂ ಕಿರುಕುಳ ನಿಂತಿಲ್ಲ ಎಂದು ದೂರಿದ್ದಾರೆ. ಈ ಕುರಿತು ರೈತ ಮುಖಂಡರು ಸ್ಥಳಕ್ಕೆ ಭೇಟಿ ನೀಡಿ ಪರಿಶೀಲಿಸಿದರು. ಫೈನಾನ್ಸ್ ಸಂಸ್ಥೆಗಳ ದೌರ್ಜನ್ಯ ತಡೆಯಲು ಸರ್ಕಾರ ಕಟ್ಟುನಿಟ್ಟಿನ ಕ್ರಮ ಕೈಗೊಳ್ಳಬೇಕು. ಇಲ್ಲದಿದ್ದರೆ ಹೋರಾಟ ನಡೆಸುವುದಾಗಿ ಎಚ್ಚರಿಕೆ ನೀಡಿದರು. ಪೊಲೀಸರು ಪ್ರಕರಣ ದಾಖಲಿಸಿಕೊಂಡು ತನಿಖೆ ನಡೆಸುತ್ತಿದ್ದಾರೆ. ಸಂತ್ರಸ್ತ ಕುಟುಂಬಕ್ಕೆ ನ್ಯಾಯ ಒದಗಿಸುವಂತೆ ಗ್ರಾಮಸ್ಥರು ಮನವಿ ಮಾಡಿದ್ದಾರೆ. ಧರಣಿ ನಡೆಸುವುದಾಗಿ ಮುಖಂಡರು ತಿಳಿಸಿದ್ದಾರೆ.
ಸಂವಿಧಾನ ಗೌರವಿಸುವುದು ಎಲ್ಲರ ಕರ್ತವ್ಯ
ಚಾಮರಾಜನಗರ: ಸಮಾಜದಲ್ಲಿ ಉನ್ನತವಾದ ಬಾಳುವ ಮತ್ತು ನೀತಿಯ ಸಂವಿಧಾನವನ್ನು ಪ್ರತಿಯೊಬ್ಬರೂ ಗೌರವಿಸುವುದು ಕರ್ತವ್ಯ ಎಂದು ಮುಖ್ಯ ಅತಿಥಿಗಳು ಹೇಳಿದರು. 76ನೇ ಗಣರಾಜ್ಯೋತ್ಸವದ ಸಮಾರಂಭದಲ್ಲಿ ಧ್ವಜಾರೋಹಣ ನೆರವೇರಿಸಿ ಮಾತನಾಡಿದ ಅವರು, ಸಂವಿಧಾನವು ದೇಶದ ಸಮಸ್ತ ನಾಗರಿಕರಿಗೆ ಸಮಾನತೆ, ಸ್ವಾತಂತ್ರ್ಯ, ನ್ಯಾಯ ಮತ್ತು ಭ್ರಾತೃತ್ವವನ್ನು ನೀಡಿದೆ ಎಂದರು. ಜನವರಿ 26, 1950 ರಲ್ಲಿ ಭಾರತದ ಸಂವಿಧಾನ ಜಾರಿಗೆ ಬಂದಿತು. ಸಂವಿಧಾನ ಜಾರಿಗೆ ಬಂದು 75 ವರ್ಷಗಳು ಪೂರ್ಣಗೊಂಡಿವೆ. ಸಂವಿಧಾನ ಶಿಲ್ಪಿ ಡಾ. ಬಿ.ಆರ್. ಅಂಬೇಡ್ಕರ್ ಅವರ ಕೊಡುಗೆಯನ್ನು ಸದಾ ಸ್ಮರಿಸಬೇಕು ಎಂದು ಹೇಳಿದರು. ವಿದ್ಯಾರ್ಥಿಗಳು ಸಂವಿಧಾನದ ಮೌಲ್ಯಗಳನ್ನು ಅರಿತು ಬೆಳೆಯಬೇಕು. ದೇಶದ ಏಕತೆ ಮತ್ತು ಸಮಗ್ರತೆ ಕಾಪಾಡುವಲ್ಲಿ ಯುವಜನರ ಪಾತ್ರ ಮಹತ್ವದ್ದು ಎಂದು ತಿಳಿಸಿದರು.
ಸಾಂಸ್ಕೃತಿಕ ಕಾರ್ಯಕ್ರಮಗಳು ನಡೆದವು. ವಿವಿಧ ಸ್ಪರ್ಧೆಗಳಲ್ಲಿ ವಿಜೇತರಾದ ವಿದ್ಯಾರ್ಥಿಗಳಿಗೆ ಬಹುಮಾನ ವಿತರಿಸಲಾಯಿತು. ಕಾರ್ಯಕ್ರಮದಲ್ಲಿ ಶಿಕ್ಷಕರು, ಪೋಷಕರು, ವಿದ್ಯಾರ್ಥಿಗಳು ಹಾಗೂ ಗಣ್ಯರು ಉಪಸ್ಥಿತರಿದ್ದರು.
ನೆರೆ ಮನೆಯವರ ಮಾನಸಿಕ ಕಿರುಕುಳ; ಯುವತಿ ಆತ್ಮಹತ್ಯೆ
ಚಾಮರಾಜನಗರ: ನೆರೆ ಮನೆಯವರ ಮಾನಸಿಕ ಕಿರುಕುಳ ತಾಳಲಾರದೆ ಯುವತಿಯೊಬ್ಬಳು ಆತ್ಮಹತ್ಯೆ ಮಾಡಿಕೊಂಡ ಘಟನೆ ಜಿಲ್ಲೆಯಲ್ಲಿ ನಡೆದಿದೆ. ಮನೆಯಲ್ಲಿ ಯಾರೂ ಇಲ್ಲದ ವೇಳೆ ನೇಣು ಬಿಗಿದುಕೊಂಡು ಆತ್ಮಹತ್ಯೆ ಮಾಡಿಕೊಂಡಿದ್ದಾಳೆ. ಮೃತ ಯುವತಿಯ ಪೋಷಕರು ನೀಡಿದ ದೂರಿನ ಮೇರೆಗೆ ನೆರೆ ಮನೆಯವರ ವಿರುದ್ಧ ಬಿಎನ್ಎಸ್ ಸೆಕ್ಷನ್ 108.3 (5) ಪ್ರಕರಣ ದಾಖಲಾಗಿದೆ. ಕಳೆದ ಕೆಲ ದಿನಗಳಿಂದ ನೆರೆ ಮನೆಯವರು ಮಾನಸಿಕವಾಗಿ ಕಿರುಕುಳ ನೀಡುತ್ತಿದ್ದರು ಎಂದು ದೂರಿನಲ್ಲಿ ಆರೋಪಿಸಲಾಗಿದೆ. ಘಟನಾ ಸ್ಥಳಕ್ಕೆ ಪೊಲೀಸರು ಭೇಟಿ ನೀಡಿ ಪರಿಶೀಲನೆ ನಡೆಸಿದರು. ಮೃತದೇಹವನ್ನು ಮರಣೋತ್ತರ ಪರೀಕ್ಷೆಗೆ ಒಳಪಡಿಸಲಾಗಿದ್ದು, ಪ್ರಕರಣದ ತನಿಖೆ ಮುಂದುವರೆದಿದೆ. ಯುವತಿಯ ಸಾವಿನಿಂದ ಕುಟುಂಬಸ್ಥರು ಕಣ್ಣೀರಿನಲ್ಲಿ ಮುಳುಗಿದ್ದಾರೆ. ಗ್ರಾಮದಲ್ಲಿ ಮೌನ ಆವರಿಸಿದೆ.
ಪೊಲೀಸರು ನೆರೆ ಮನೆಯವರನ್ನು ವಿಚಾರಣೆಗೆ ಒಳಪಡಿಸಿದ್ದು, ಹೆಚ್ಚಿನ ತನಿಖೆ ನಡೆಯುತ್ತಿದೆ ಎಂದು ತಿಳಿಸಿದ್ದಾರೆ.
ಡೇರಿ ಸಂಘದ ಸಭಾಂಗಣ ಉದ್ಘಾಟನೆ
ಮಂಡ್ಯ: ತಾಲೂಕಿನ ಬರಗಳು ಹಾಲು ಉತ್ಪಾದಕರ ಸಹಕಾರ ಸಂಘದ 50ನೇ ವರ್ಷದ ಸುವರ್ಣ ಮಹೋತ್ಸವ ಹಾಗೂ ನೂತನ ಸಭಾಂಗಣದ ಉದ್ಘಾಟನಾ ಸಮಾರಂಭ ನಡೆಯಿತು. ಹೈನುಗಾರಿಕೆಯಿಂದಲೇ ಈ ಭಾಗದ ರೈತರ ಬದುಕು ಹಸನಾಗಿದೆ. ಹಾಲು ಉತ್ಪಾದಕರಿಗೆ ಸಕಾಲದಲ್ಲಿ ಪ್ರೋತ್ಸಾಹಧನ ನೀಡಬೇಕು ಎಂದು ಮುಖ್ಯ ಅತಿಥಿಗಳು ಹೇಳಿದರು. ಸಂಘದ ಸಾಧನೆಯನ್ನು ಶ್ಲಾಘಿಸಿದ ಅವರು, ಸಹಕಾರ ಕ್ಷೇತ್ರದಲ್ಲಿ ಡೇರಿ ಸಂಘಗಳ ಪಾತ್ರ ಮಹತ್ವದ್ದಾಗಿದೆ ಎಂದರು. ಹಾಲು ಉತ್ಪಾದನೆಯಲ್ಲಿ ಜಿಲ್ಲೆ 50 ವರ್ಷದ ಸಾಧನೆ ಮಾಡಿದ್ದು, ರೈತರ ಆರ್ಥಿಕ ಸ್ಥಿತಿ ಸುಧಾರಣೆಗೆ ನೆರವಾಗಿದೆ. ನೂತನ ಸಭಾಂಗಣ ನಿರ್ಮಾಣ ಕಾರ್ಯ ಅಚ್ಚುಕಟ್ಟಾಗಿ ನಡೆದಿದೆ ಎಂದು ಮೆಚ್ಚುಗೆ ವ್ಯಕ್ತಪಡಿಸಿದರು. ಕಳೆದ ಐವತ್ತು ವರ್ಷಗಳಲ್ಲಿ ಸಂಘ ಸಾಗಿ ಬಂದ ಹಾದಿಯನ್ನು ಅಧ್ಯಕ್ಷರು ವಿವರಿಸಿದರು. ಉತ್ತಮ ಸಾಧನೆ ಮಾಡಿದ ಹಾಲು ಉತ್ಪಾದಕರನ್ನು ಸನ್ಮಾನಿಸಲಾಯಿತು. ಸಮಾರಂಭದಲ್ಲಿ ಮನ್ಮುಲ್ ನಿರ್ದೇಶಕರು, ಸ್ಥಳೀಯ ಜನಪ್ರತಿನಿಧಿಗಳು, ಸಂಘದ ಸದಸ್ಯರು, ಹಾಲು ಉತ್ಪಾದಕರು ಹಾಗೂ ಗ್ರಾಮಸ್ಥರು ಹೆಚ್ಚಿನ ಸಂಖ್ಯೆಯಲ್ಲಿ ಭಾಗವಹಿಸಿದ್ದರು. ಸಂಘದ ಕಾರ್ಯದರ್ಶಿ ವಂದಿಸಿದರು.
